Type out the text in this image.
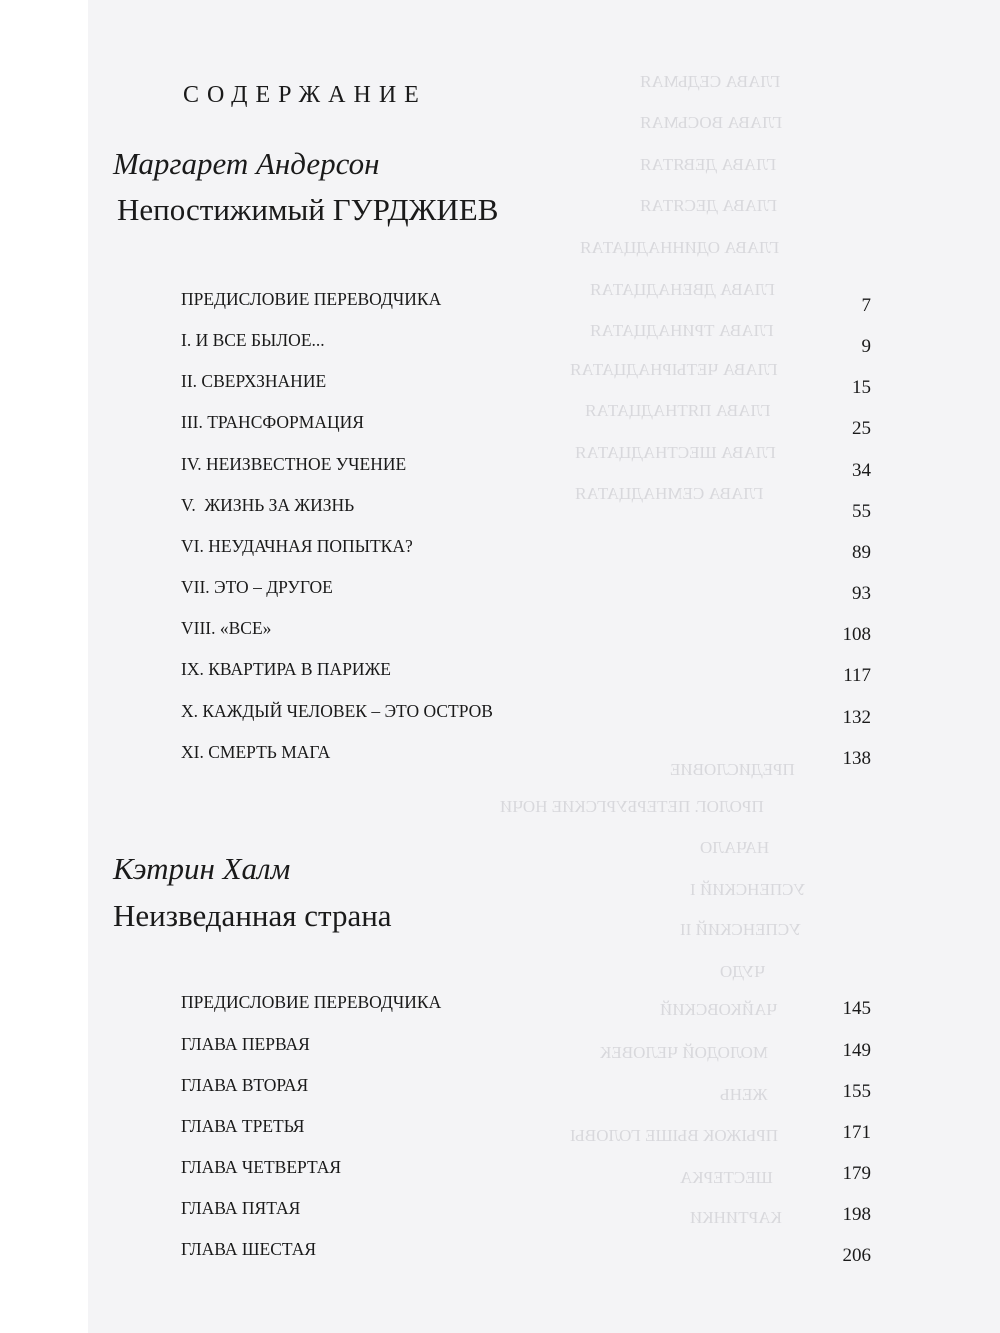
ГЛАВА СЕДЬМАЯ
ГЛАВА ВОСЬМАЯ
ГЛАВА ДЕВЯТАЯ
ГЛАВА ДЕСЯТАЯ
ГЛАВА ОДИННАДЦАТАЯ
ГЛАВА ДВЕНАДЦАТАЯ
ГЛАВА ТРИНАДЦАТАЯ
ГЛАВА ЧЕТЫРНАДЦАТАЯ
ГЛАВА ПЯТНАДЦАТАЯ
ГЛАВА ШЕСТНАДЦАТАЯ
ГЛАВА СЕМНАДЦАТАЯ
ПРЕДИСЛОВИЕ
ПРОЛОГ. ПЕТЕРБУРГСКИЕ НОЧИ
НАЧАЛО
УСПЕНСКИЙ I
УСПЕНСКИЙ II
ЧУДО
ЧАЙКОВСКИЙ
МОЛОДОЙ ЧЕЛОВЕК
ЖЕНЬ
ПРЫЖОК ВЫШЕ ГОЛОВЫ
ШЕСТЕРКА
КАРТИНКИ
СОДЕРЖАНИЕ
Маргарет Андерсон
Непостижимый ГУРДЖИЕВ
ПРЕДИСЛОВИЕ ПЕРЕВОДЧИКА	7
I. И ВСЕ БЫЛОЕ...	9
II. СВЕРХЗНАНИЕ	15
III. ТРАНСФОРМАЦИЯ	25
IV. НЕИЗВЕСТНОЕ УЧЕНИЕ	34
V.  ЖИЗНЬ ЗА ЖИЗНЬ	55
VI. НЕУДАЧНАЯ ПОПЫТКА?	89
VII. ЭТО – ДРУГОЕ	93
VIII. «ВСЕ»	108
IX. КВАРТИРА В ПАРИЖЕ	117
X. КАЖДЫЙ ЧЕЛОВЕК – ЭТО ОСТРОВ	132
XI. СМЕРТЬ МАГА	138
Кэтрин Халм
Неизведанная страна
ПРЕДИСЛОВИЕ ПЕРЕВОДЧИКА	145
ГЛАВА ПЕРВАЯ	149
ГЛАВА ВТОРАЯ	155
ГЛАВА ТРЕТЬЯ	171
ГЛАВА ЧЕТВЕРТАЯ	179
ГЛАВА ПЯТАЯ	198
ГЛАВА ШЕСТАЯ	206
